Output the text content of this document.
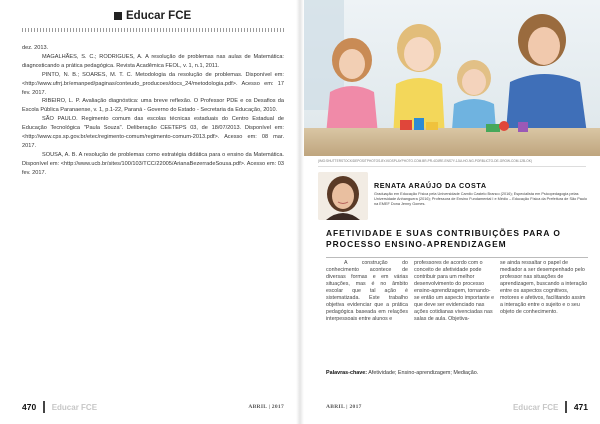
Educar FCE

dez. 2013.

MAGALHÃES, S. C.; RODRIGUES, A. A resolução de problemas nas aulas de Matemática: diagnosticando a prática pedagógica. Revista Acadêmica FEOL, v. 1, n.1, 2011.

PINTO, N. B.; SOARES, M. T. C. Metodologia da resolução de problemas. Disponível em: <http://www.ufrrj.br/emanped/paginas/conteudo_producoes/docs_24/metodologia.pdf>. Acesso em: 17 fev. 2017.

RIBEIRO, L. P. Avaliação diagnóstica: uma breve reflexão. O Professor PDE e os Desafios da Escola Pública Paranaense, v. 1, p.1-22, Paraná - Governo do Estado - Secretaria da Educação, 2010.

SÃO PAULO. Regimento comum das escolas técnicas estaduais do Centro Estadual de Educação Tecnológica "Paula Souza". Deliberação CEETEPS 03, de 18/07/2013. Disponível em: <http://www.cps.sp.gov.br/etec/regimento-comum/regimento-comum-2013.pdf>. Acesso em: 08 mar. 2017.

SOUSA, A. B. A resolução de problemas como estratégia didática para o ensino da Matemática. Disponível em: <http://www.ucb.br/sites/100/103/TCC/22005/ArianaBezerradeSousa.pdf>. Acesso em: 03 fev. 2017.

470 Educar FCE	ABRIL | 2017
(IMG:SHUTTERSTOCK/DEPOSITPHOTOS-BY-KIDSPLAYPHOTO.COM.BR-PR-4C6RE-ENS7Y-1JULHO-NG-PORBLICTO-DE-GROW-COM-12B-OK)
RENATA ARAÚJO DA COSTA
Graduação em Educação Física pela Universidade Camilo Castelo Branco (2016); Especialista em Psicopedagogia pelas Universidade Anhanguera (2016); Professora de Ensino Fundamental I e Médio – Educação Física da Prefeitura de São Paulo na EMEF Dona Jenny Gomes.
AFETIVIDADE E SUAS CONTRIBUIÇÕES PARA O PROCESSO ENSINO-APRENDIZAGEM
A construção do conhecimento acontece de diversas formas e em várias situações, mas é no âmbito escolar que tal ação é sistematizada. Este trabalho objetiva evidenciar que a prática pedagógica baseada em relações interpessoais entre alunos e
professores de acordo com o conceito de afetividade pode contribuir para um melhor desenvolvimento do processo ensino-aprendizagem, tornando-se então um aspecto importante e que deve ser evidenciado nas ações cotidianas vivenciadas nas salas de aula. Objetiva-
se ainda ressaltar o papel de mediador a ser desempenhado pelo professor nas situações de aprendizagem, buscando a interação entre os aspectos cognitivos, motores e afetivos, facilitando assim a interação entre o sujeito e o seu objeto de conhecimento.
Palavras-chave: Afetividade; Ensino-aprendizagem; Mediação.
ABRIL | 2017	Educar FCE 471
